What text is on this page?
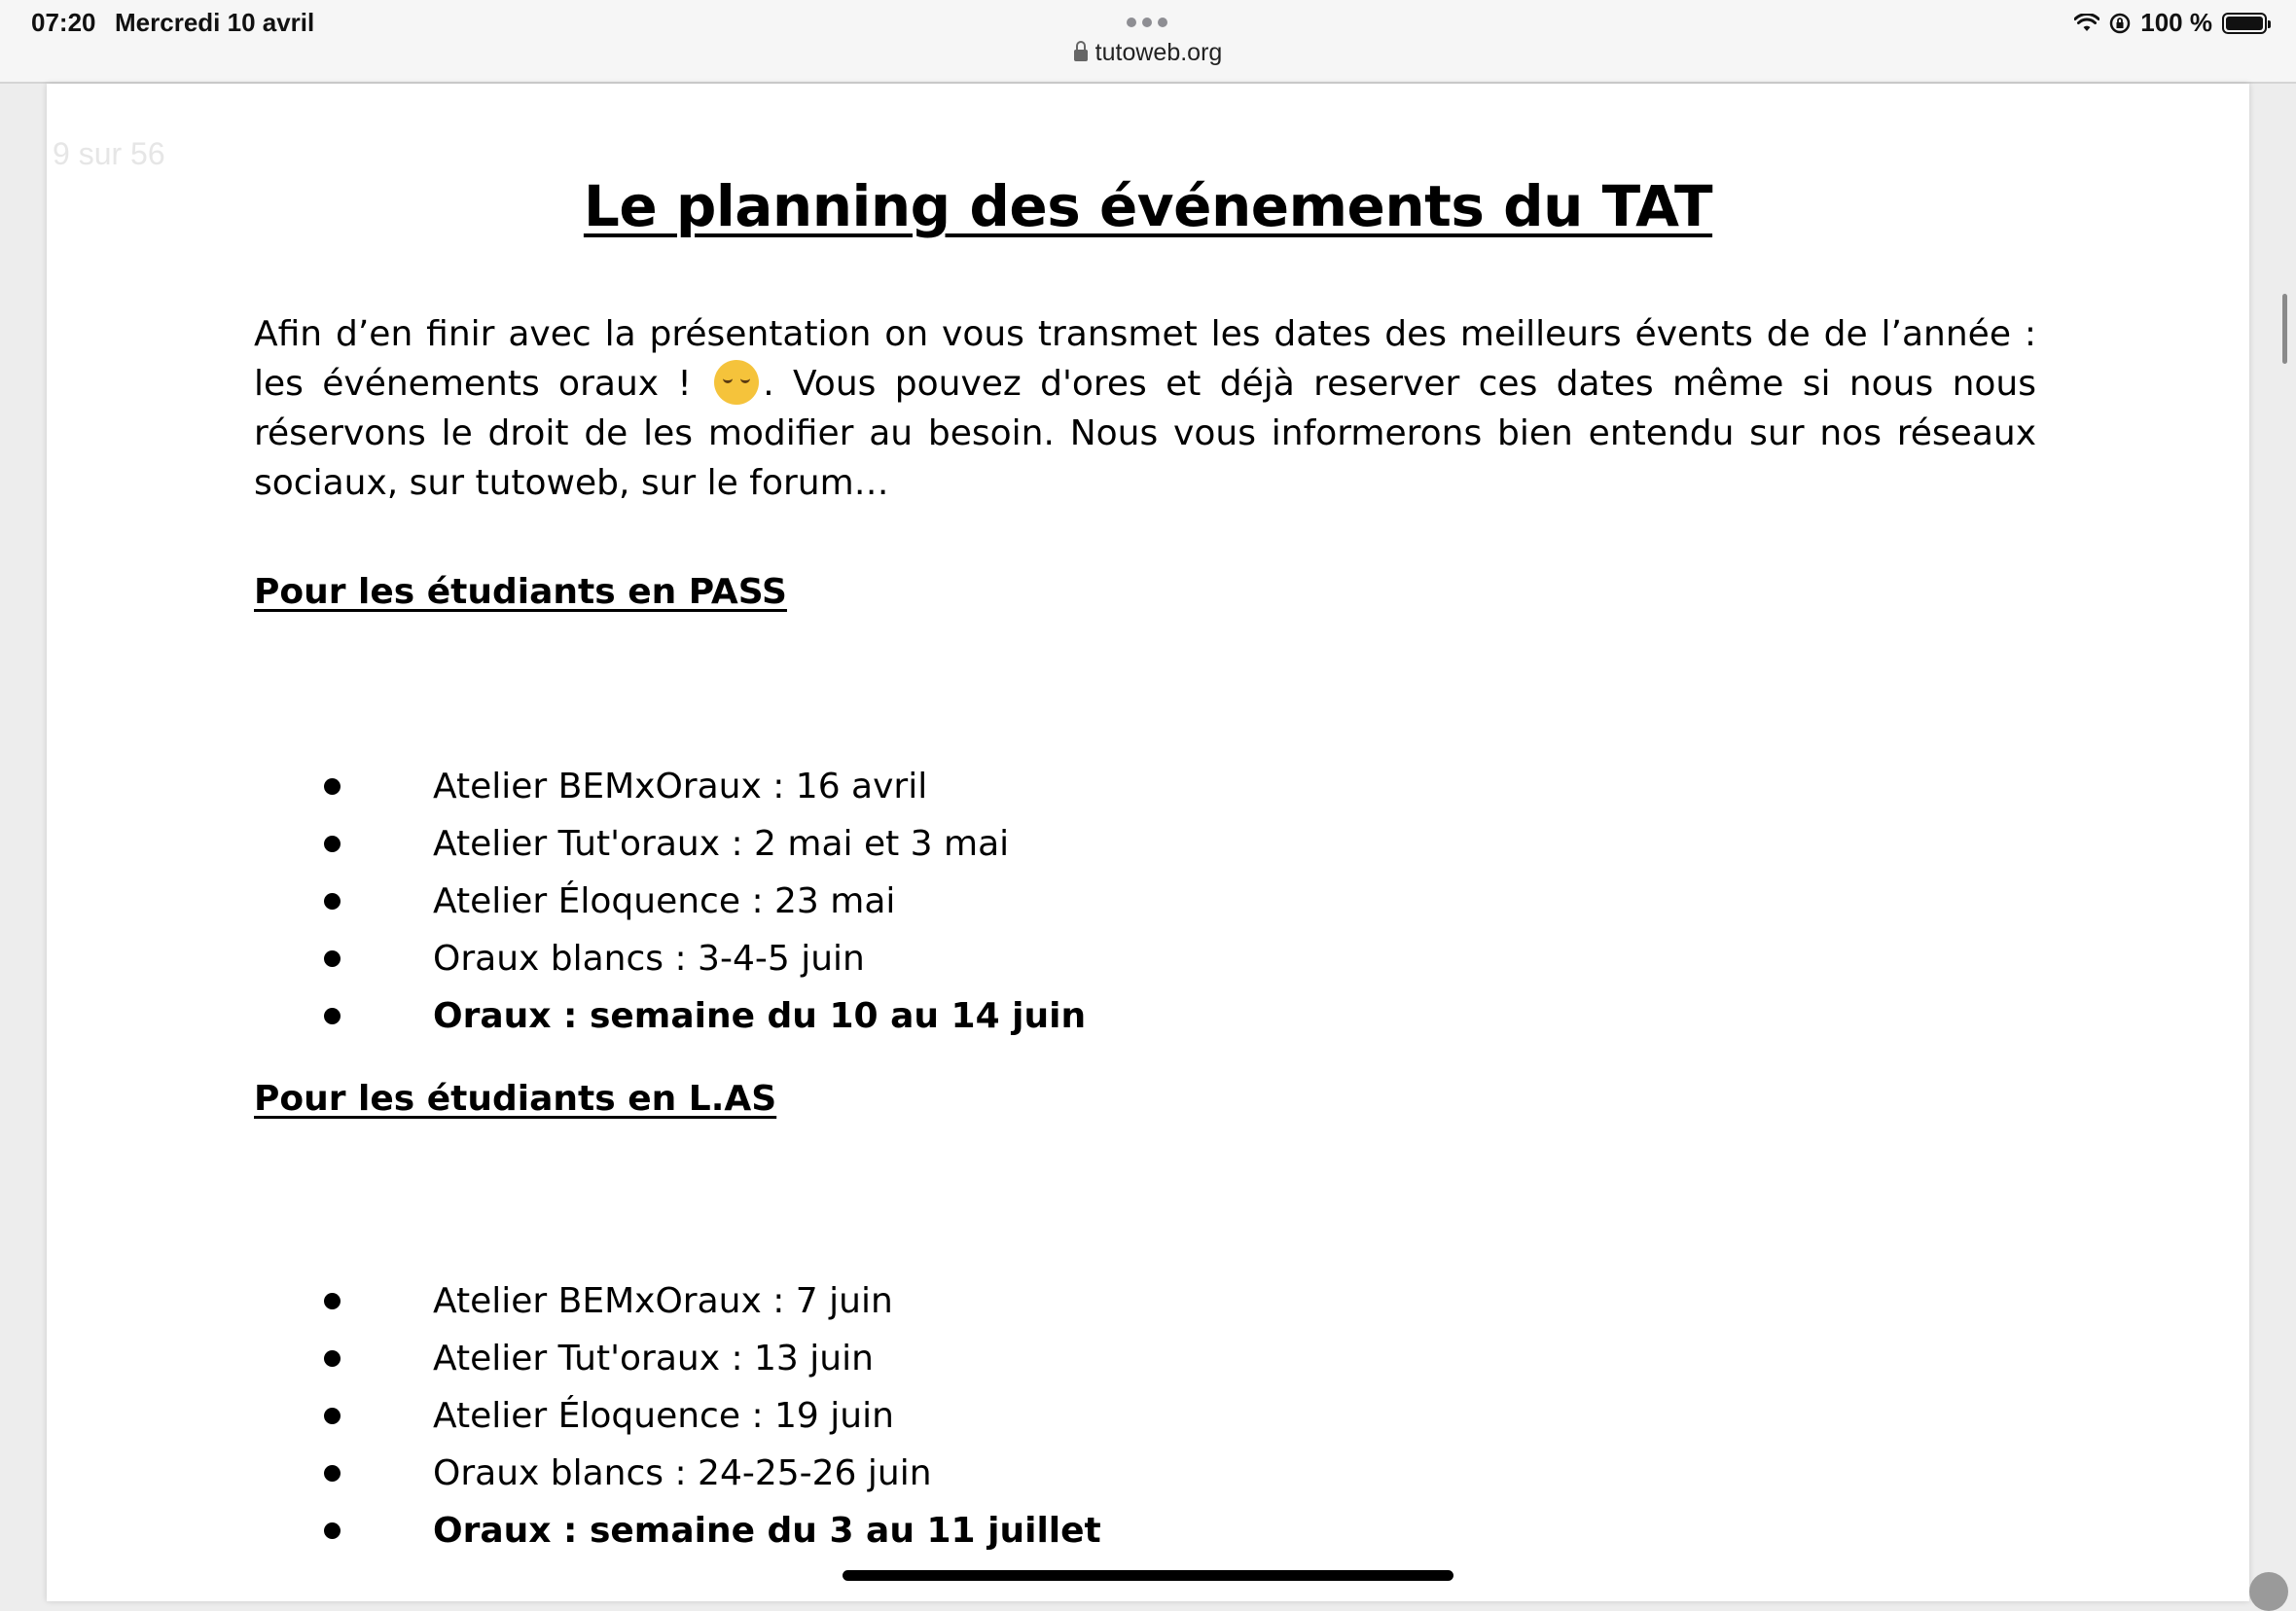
07:20 Mercredi 10 avril
tutoweb.org
100 %
9 sur 56
Le planning des événements du TAT
Afin d’en finir avec la présentation on vous transmet les dates des meilleurs évents de de l’année : les événements oraux ! . Vous pouvez d'ores et déjà reserver ces dates même si nous nous réservons le droit de les modifier au besoin. Nous vous informerons bien entendu sur nos réseaux sociaux, sur tutoweb, sur le forum…
Pour les étudiants en PASS
Atelier BEMxOraux : 16 avril
Atelier Tut'oraux : 2 mai et 3 mai
Atelier Éloquence : 23 mai
Oraux blancs : 3-4-5 juin
Oraux : semaine du 10 au 14 juin
Pour les étudiants en L.AS
Atelier BEMxOraux : 7 juin
Atelier Tut'oraux : 13 juin
Atelier Éloquence : 19 juin
Oraux blancs : 24-25-26 juin
Oraux : semaine du 3 au 11 juillet
